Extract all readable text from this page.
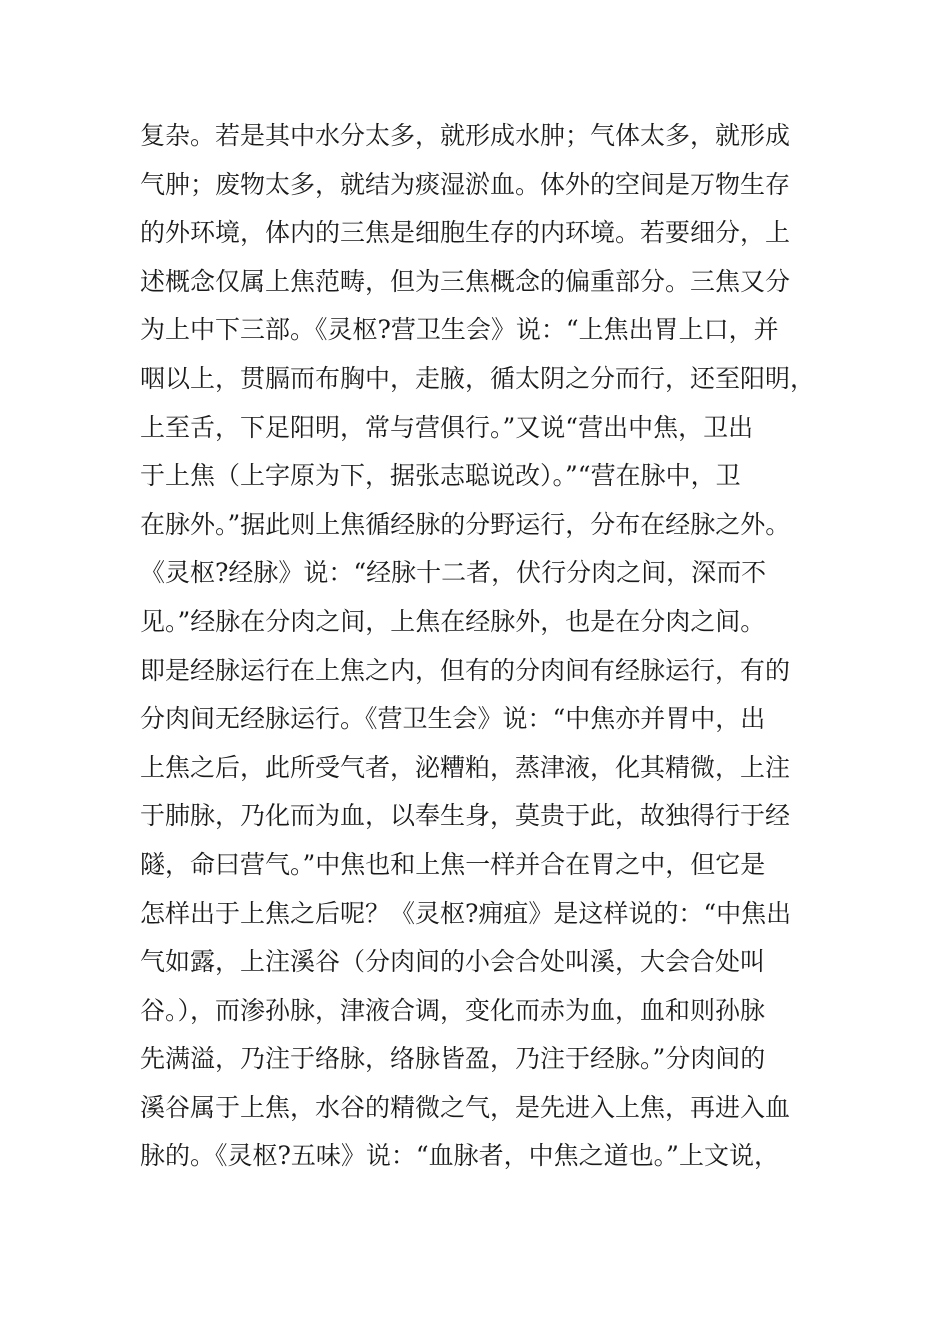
复杂。若是其中水分太多，就形成水肿；气体太多，就形成
气肿；废物太多，就结为痰湿淤血。体外的空间是万物生存
的外环境，体内的三焦是细胞生存的内环境。若要细分，上
述概念仅属上焦范畴，但为三焦概念的偏重部分。三焦又分
为上中下三部。《灵枢?营卫生会》说：“上焦出胃上口，并
咽以上，贯膈而布胸中，走腋，循太阴之分而行，还至阳明，
上至舌，下足阳明，常与营俱行。”又说“营出中焦，卫出
于上焦（上字原为下，据张志聪说改）。”“营在脉中，卫
在脉外。”据此则上焦循经脉的分野运行，分布在经脉之外。
《灵枢?经脉》说：“经脉十二者，伏行分肉之间，深而不
见。”经脉在分肉之间，上焦在经脉外，也是在分肉之间。
即是经脉运行在上焦之内，但有的分肉间有经脉运行，有的
分肉间无经脉运行。《营卫生会》说：“中焦亦并胃中，出
上焦之后，此所受气者，泌糟粕，蒸津液，化其精微，上注
于肺脉，乃化而为血，以奉生身，莫贵于此，故独得行于经
隧，命曰营气。”中焦也和上焦一样并合在胃之中，但它是
怎样出于上焦之后呢？《灵枢?痈疽》是这样说的：“中焦出
气如露，上注溪谷（分肉间的小会合处叫溪，大会合处叫
谷。），而渗孙脉，津液合调，变化而赤为血，血和则孙脉
先满溢，乃注于络脉，络脉皆盈，乃注于经脉。”分肉间的
溪谷属于上焦，水谷的精微之气，是先进入上焦，再进入血
脉的。《灵枢?五味》说：“血脉者，中焦之道也。”上文说，
